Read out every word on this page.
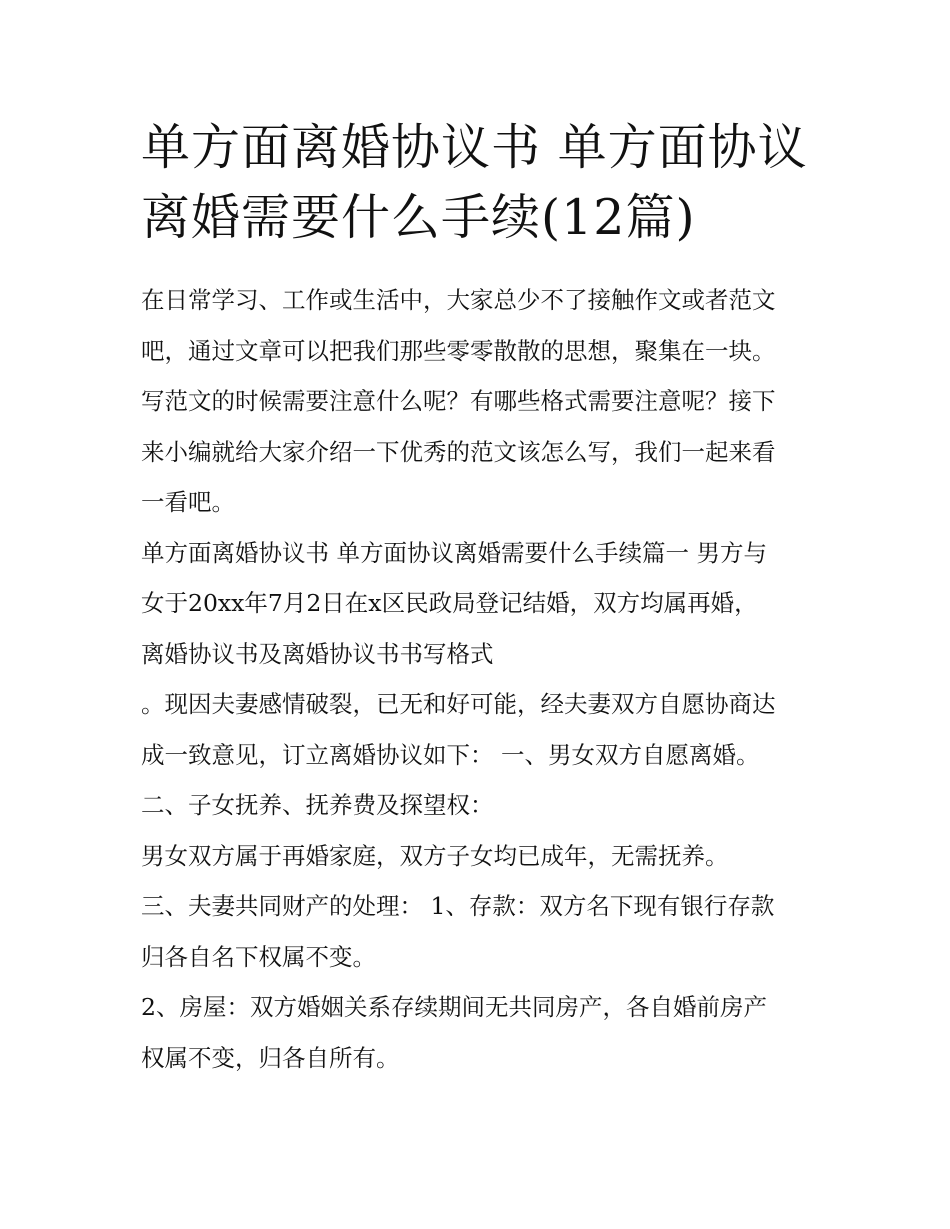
单方面离婚协议书 单方面协议
离婚需要什么手续(12篇)

在日常学习、工作或生活中，大家总少不了接触作文或者范文
吧，通过文章可以把我们那些零零散散的思想，聚集在一块。
写范文的时候需要注意什么呢？有哪些格式需要注意呢？接下
来小编就给大家介绍一下优秀的范文该怎么写，我们一起来看
一看吧。

单方面离婚协议书 单方面协议离婚需要什么手续篇一 男方与
女于20xx年7月2日在x区民政局登记结婚，双方均属再婚，
离婚协议书及离婚协议书书写格式

。现因夫妻感情破裂，已无和好可能，经夫妻双方自愿协商达
成一致意见，订立离婚协议如下： 一、男女双方自愿离婚。

二、子女抚养、抚养费及探望权：

男女双方属于再婚家庭，双方子女均已成年，无需抚养。

三、夫妻共同财产的处理： 1、存款：双方名下现有银行存款
归各自名下权属不变。

2、房屋：双方婚姻关系存续期间无共同房产，各自婚前房产
权属不变，归各自所有。
